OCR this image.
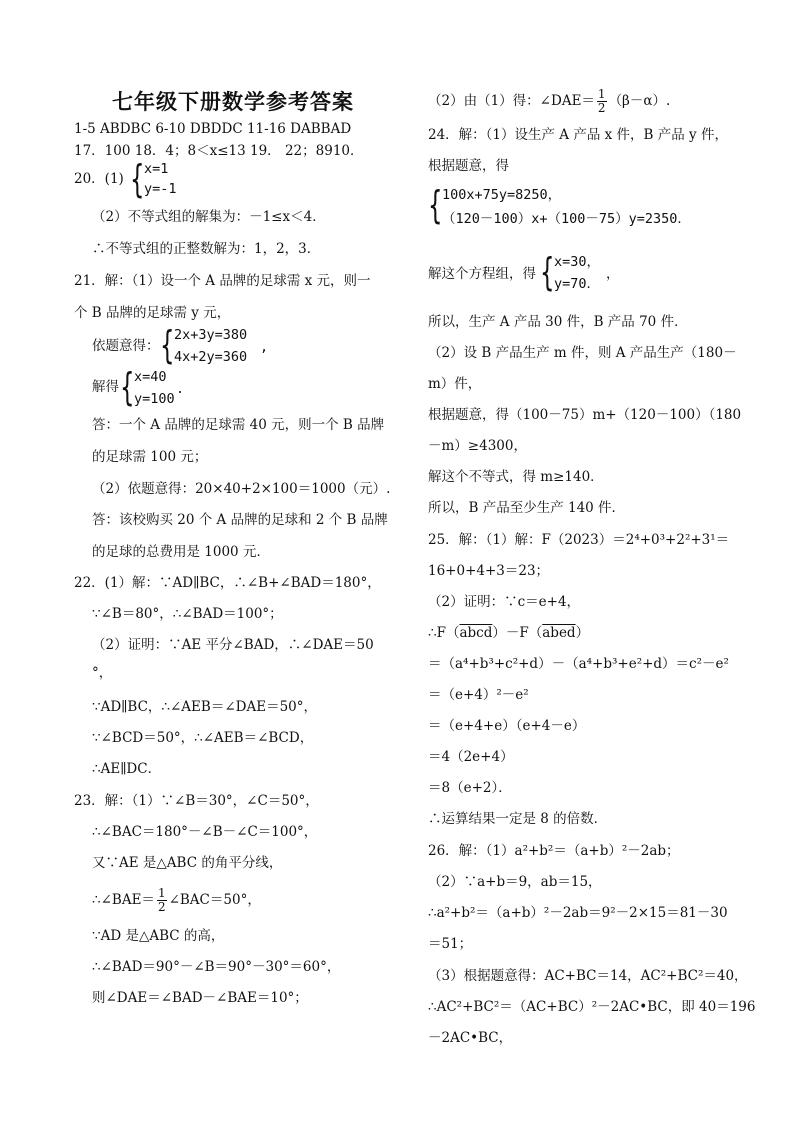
七年级下册数学参考答案
1-5 ABDBC 6-10 DBDDC 11-16 DABBAD
17．100 18．4；8＜x≤13 19． 22；8910．
20．(1) { x=1
y=-1
（2）不等式组的解集为：－1≤x＜4．
∴不等式组的正整数解为：1，2，3．
21．解：（1）设一个 A 品牌的足球需 x 元，则一
个 B 品牌的足球需 y 元，
依题意得： { 2x+3y=380
4x+2y=360
,
解得 { x=40
y=100
.
答：一个 A 品牌的足球需 40 元，则一个 B 品牌
的足球需 100 元；
（2）依题意得：20×40+2×100＝1000（元）.
答：该校购买 20 个 A 品牌的足球和 2 个 B 品牌
的足球的总费用是 1000 元．
22．(1）解：∵AD∥BC，∴∠B+∠BAD＝180°，
∵∠B＝80°，∴∠BAD＝100°；
（2）证明：∵AE 平分∠BAD，∴∠DAE＝50
°，
∵AD∥BC，∴∠AEB＝∠DAE＝50°，
∵∠BCD＝50°，∴∠AEB＝∠BCD，
∴AE∥DC．
23．解：（1）∵∠B＝30°，∠C＝50°，
∴∠BAC＝180°－∠B－∠C＝100°，
又∵AE 是△ABC 的角平分线，
∴∠BAE＝ $\frac{1}{2}$ ∠BAC＝50°，
∵AD 是△ABC 的高，
∴∠BAD＝90°－∠B＝90°－30°＝60°，
则∠DAE＝∠BAD－∠BAE＝10°；
（2）由（1）得：∠DAE＝ $\frac{1}{2} (\beta-\alpha)$.
24．解：（1）设生产 A 产品 x 件，B 产品 y 件，
根据题意，得
{ 100x+75y=8250，
（120－100）x+（100－75）y=2350．
解这个方程组，得 { x=30，
y=70．
，
所以，生产 A 产品 30 件，B 产品 70 件．
（2）设 B 产品生产 m 件，则 A 产品生产（180－
m）件，
根据题意，得（100－75）m+（120－100）（180
－m）≥4300，
解这个不等式，得 m≥140．
所以，B 产品至少生产 140 件．
25．解：（1）解：F（2023）＝2⁴+0³+2²+3¹＝
16+0+4+3＝23；
（2）证明：∵c＝e+4，
∴F（abcd）－F（abed）
＝（a⁴+b³+c²+d）－（a⁴+b³+e²+d）＝c²－e²
＝（e+4）²－e²
＝（e+4+e）（e+4－e）
＝4（2e+4）
＝8（e+2）．
∴运算结果一定是 8 的倍数．
26．解：（1）a²+b²＝（a+b）²－2ab；
（2）∵a+b＝9，ab＝15，
∴a²+b²＝（a+b）²－2ab＝9²－2×15＝81－30
＝51；
（3）根据题意得：AC+BC＝14，AC²+BC²＝40，
∴AC²+BC²＝（AC+BC）²－2AC•BC，即 40＝196
－2AC•BC，
